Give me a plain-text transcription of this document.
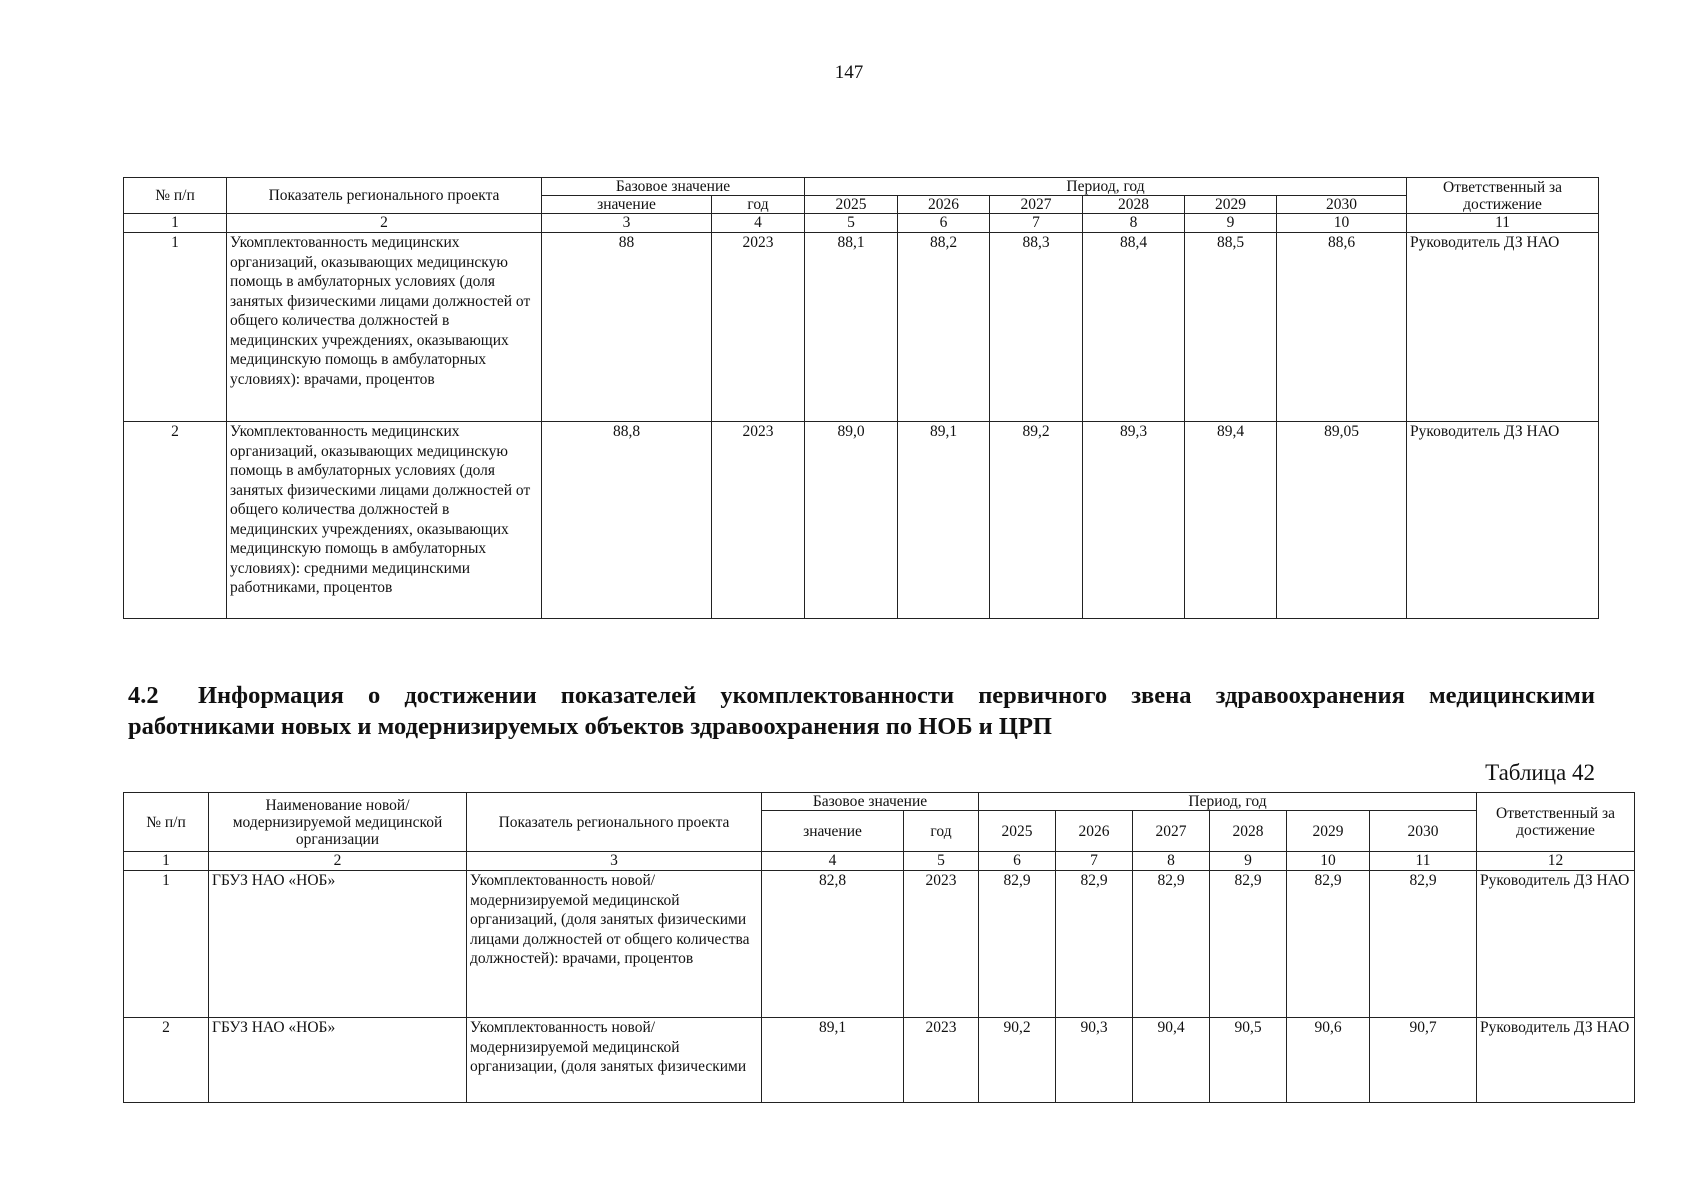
147
№ п/п	Показатель регионального проекта	Базовое значение		Период, год						Ответственный за достижение
		значение	год	2025	2026	2027	2028	2029	2030	
1	2	3	4	5	6	7	8	9	10	11
1	Укомплектованность медицинских организаций, оказывающих медицинскую помощь в амбулаторных условиях (доля занятых физическими лицами должностей от общего количества должностей в медицинских учреждениях, оказывающих медицинскую помощь в амбулаторных условиях): врачами, процентов	88	2023	88,1	88,2	88,3	88,4	88,5	88,6	Руководитель ДЗ НАО
2	Укомплектованность медицинских организаций, оказывающих медицинскую помощь в амбулаторных условиях (доля занятых физическими лицами должностей от общего количества должностей в медицинских учреждениях, оказывающих медицинскую помощь в амбулаторных условиях): средними медицинскими работниками, процентов	88,8	2023	89,0	89,1	89,2	89,3	89,4	89,05	Руководитель ДЗ НАО
4.2 Информация о достижении показателей укомплектованности первичного звена здравоохранения медицинскими работниками новых и модернизируемых объектов здравоохранения по НОБ и ЦРП
Таблица 42
№ п/п	Наименование новой/модернизируемой медицинской организации	Показатель регионального проекта	Базовое значение		Период, год						Ответственный за достижение
			значение	год	2025	2026	2027	2028	2029	2030	
1	2	3	4	5	6	7	8	9	10	11	12
1	ГБУЗ НАО «НОБ»	Укомплектованность новой/модернизируемой медицинской организаций, (доля занятых физическими лицами должностей от общего количества должностей): врачами, процентов	82,8	2023	82,9	82,9	82,9	82,9	82,9	82,9	Руководитель ДЗ НАО
2	ГБУЗ НАО «НОБ»	Укомплектованность новой/модернизируемой медицинской организации, (доля занятых физическими	89,1	2023	90,2	90,3	90,4	90,5	90,6	90,7	Руководитель ДЗ НАО
